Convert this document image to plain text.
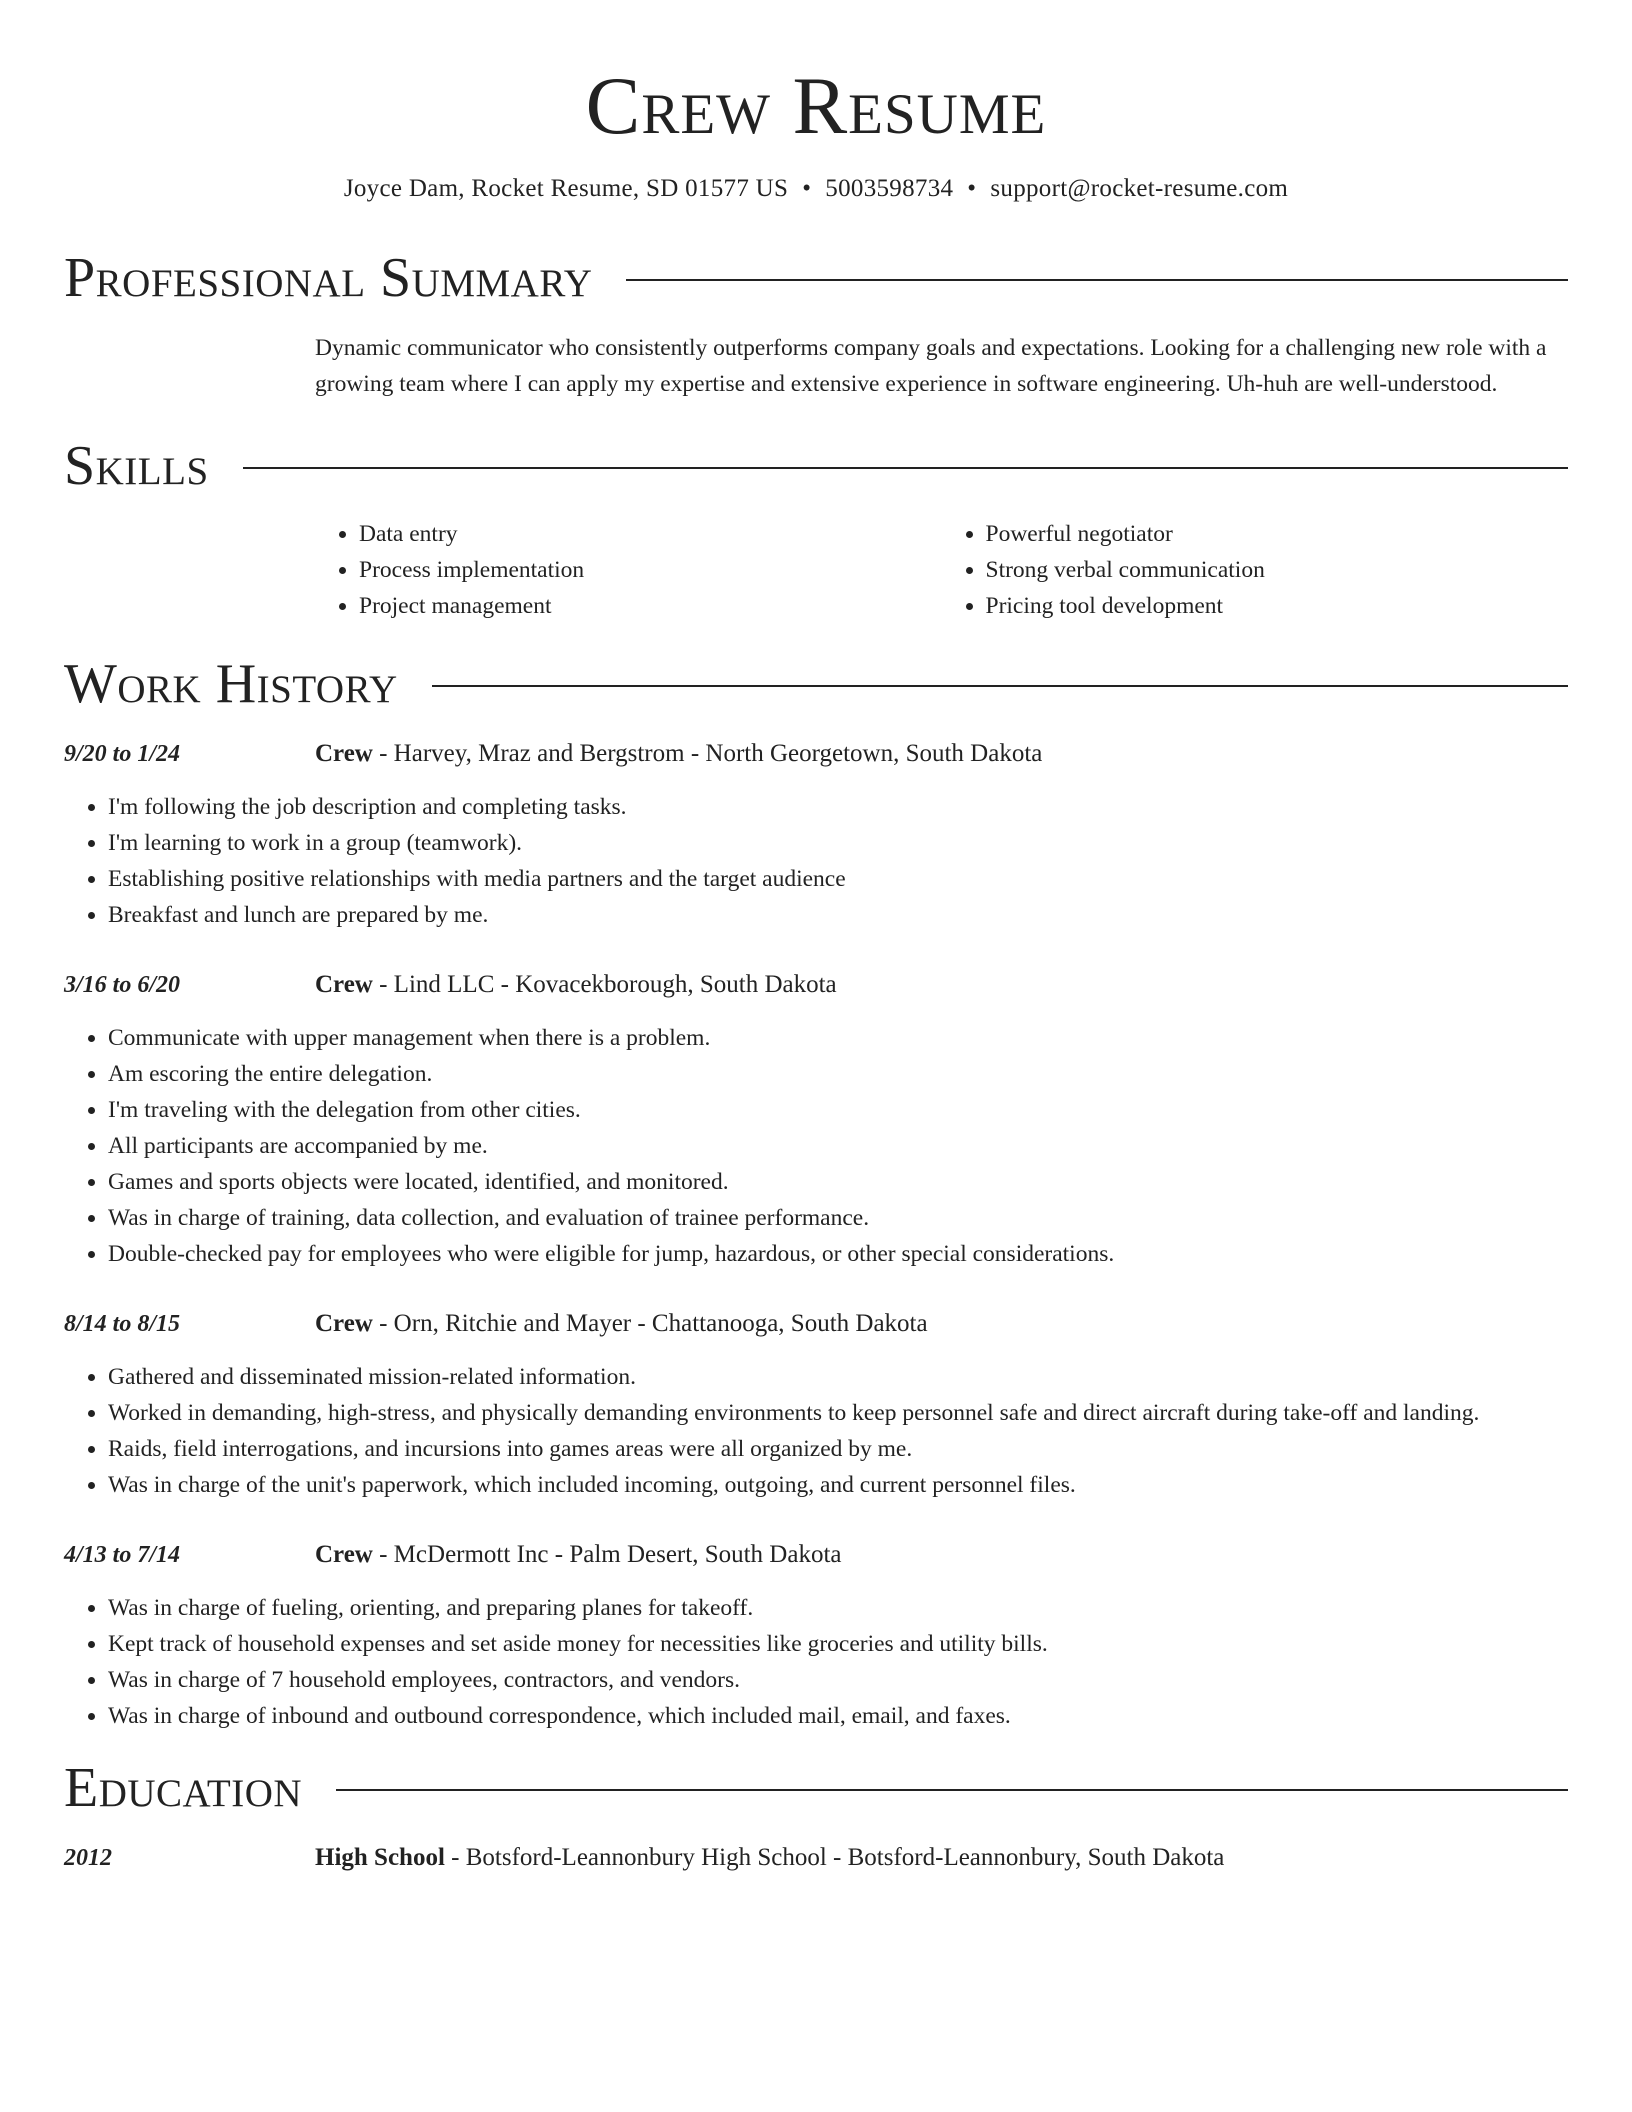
Crew Resume
Joyce Dam, Rocket Resume, SD 01577 US • 5003598734 • support@rocket-resume.com
Professional Summary
Dynamic communicator who consistently outperforms company goals and expectations. Looking for a challenging new role with a growing team where I can apply my expertise and extensive experience in software engineering. Uh-huh are well-understood.
Skills
• Data entry
• Process implementation
• Project management
• Powerful negotiator
• Strong verbal communication
• Pricing tool development
Work History
9/20 to 1/24	Crew - Harvey, Mraz and Bergstrom - North Georgetown, South Dakota
• I'm following the job description and completing tasks.
• I'm learning to work in a group (teamwork).
• Establishing positive relationships with media partners and the target audience
• Breakfast and lunch are prepared by me.
3/16 to 6/20	Crew - Lind LLC - Kovacekborough, South Dakota
• Communicate with upper management when there is a problem.
• Am escoring the entire delegation.
• I'm traveling with the delegation from other cities.
• All participants are accompanied by me.
• Games and sports objects were located, identified, and monitored.
• Was in charge of training, data collection, and evaluation of trainee performance.
• Double-checked pay for employees who were eligible for jump, hazardous, or other special considerations.
8/14 to 8/15	Crew - Orn, Ritchie and Mayer - Chattanooga, South Dakota
• Gathered and disseminated mission-related information.
• Worked in demanding, high-stress, and physically demanding environments to keep personnel safe and direct aircraft during take-off and landing.
• Raids, field interrogations, and incursions into games areas were all organized by me.
• Was in charge of the unit's paperwork, which included incoming, outgoing, and current personnel files.
4/13 to 7/14	Crew - McDermott Inc - Palm Desert, South Dakota
• Was in charge of fueling, orienting, and preparing planes for takeoff.
• Kept track of household expenses and set aside money for necessities like groceries and utility bills.
• Was in charge of 7 household employees, contractors, and vendors.
• Was in charge of inbound and outbound correspondence, which included mail, email, and faxes.
Education
2012	High School - Botsford-Leannonbury High School - Botsford-Leannonbury, South Dakota
